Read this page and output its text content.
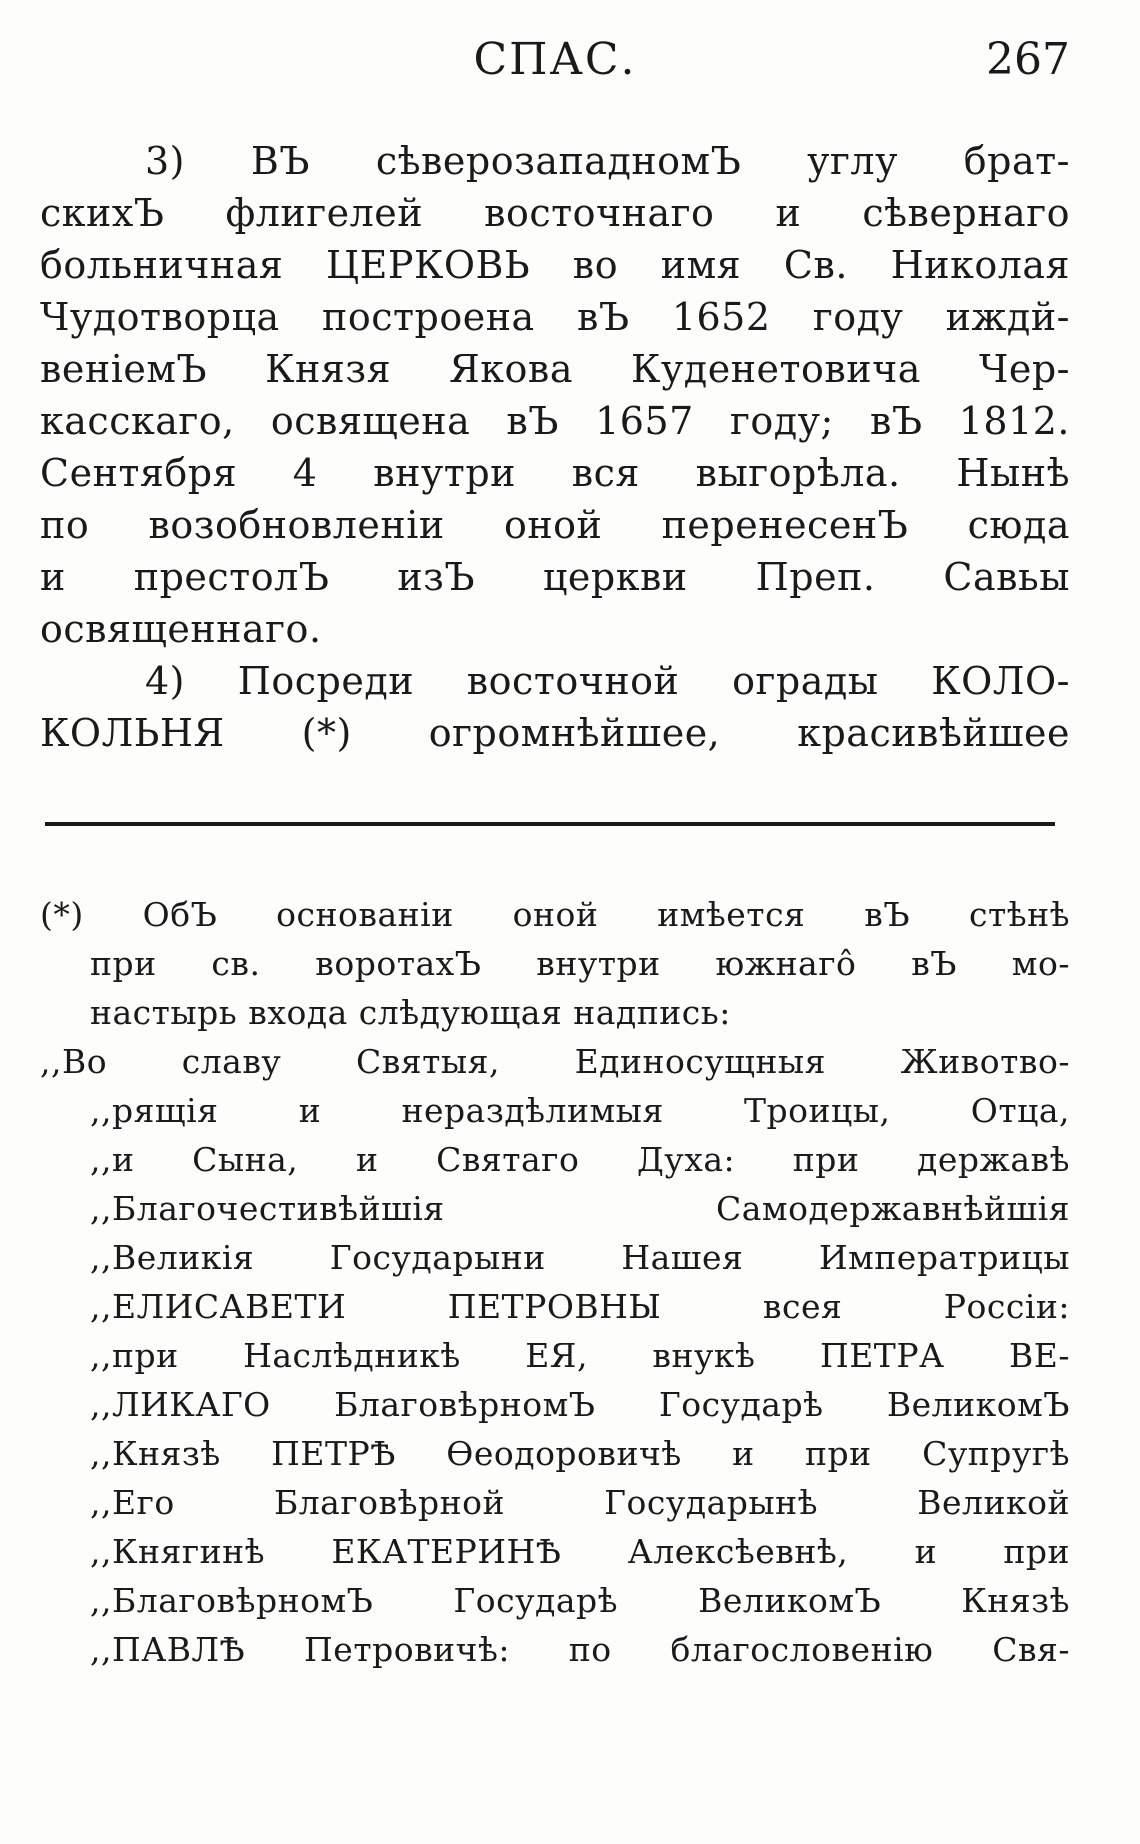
СПАС.	267
3) ВЪ сѣверозападномЪ углу брат-
скихЪ флигелей восточнаго и сѣвернаго
больничная ЦЕРКОВЬ во имя Св. Николая
Чудотворца построена вЪ 1652 году иждй-
веніемЪ Князя Якова Куденетовича Чер-
касскаго, освящена вЪ 1657 году; вЪ 1812.
Сентября 4 внутри вся выгорѣла. Нынѣ
по возобновленіи оной перенесенЪ сюда
и престолЪ изЪ церкви Преп. Савьы
освященнаго.
4) Посреди восточной ограды КОЛО-
КОЛЬНЯ (*) огромнѣйшее, красивѣйшее
(*) ОбЪ основаніи оной имѣется вЪ стѣнѣ
при св. воротахЪ внутри южнагô вЪ мо-
настырь входа слѣдующая надпись:
,,Во славу Святыя, Единосущныя Животво-
,,рящія и нераздѣлимыя Троицы, Отца,
,,и Сына, и Святаго Духа: при державѣ
,,Благочестивѣйшія Самодержавнѣйшія
,,Великія Государыни Нашея Императрицы
,,ЕЛИСАВЕТИ ПЕТРОВНЫ всея Россіи:
,,при Наслѣдникѣ ЕЯ, внукѣ ПЕТРА ВЕ-
,,ЛИКАГО БлаговѣрномЪ Государѣ ВеликомЪ
,,Князѣ ПЕТРѢ Өеодоровичѣ и при Супругѣ
,,Его Благовѣрной Государынѣ Великой
,,Княгинѣ ЕКАТЕРИНѢ Алексѣевнѣ, и при
,,БлаговѣрномЪ Государѣ ВеликомЪ Князѣ
,,ПАВЛѢ Петровичѣ: по благословенію Свя-
